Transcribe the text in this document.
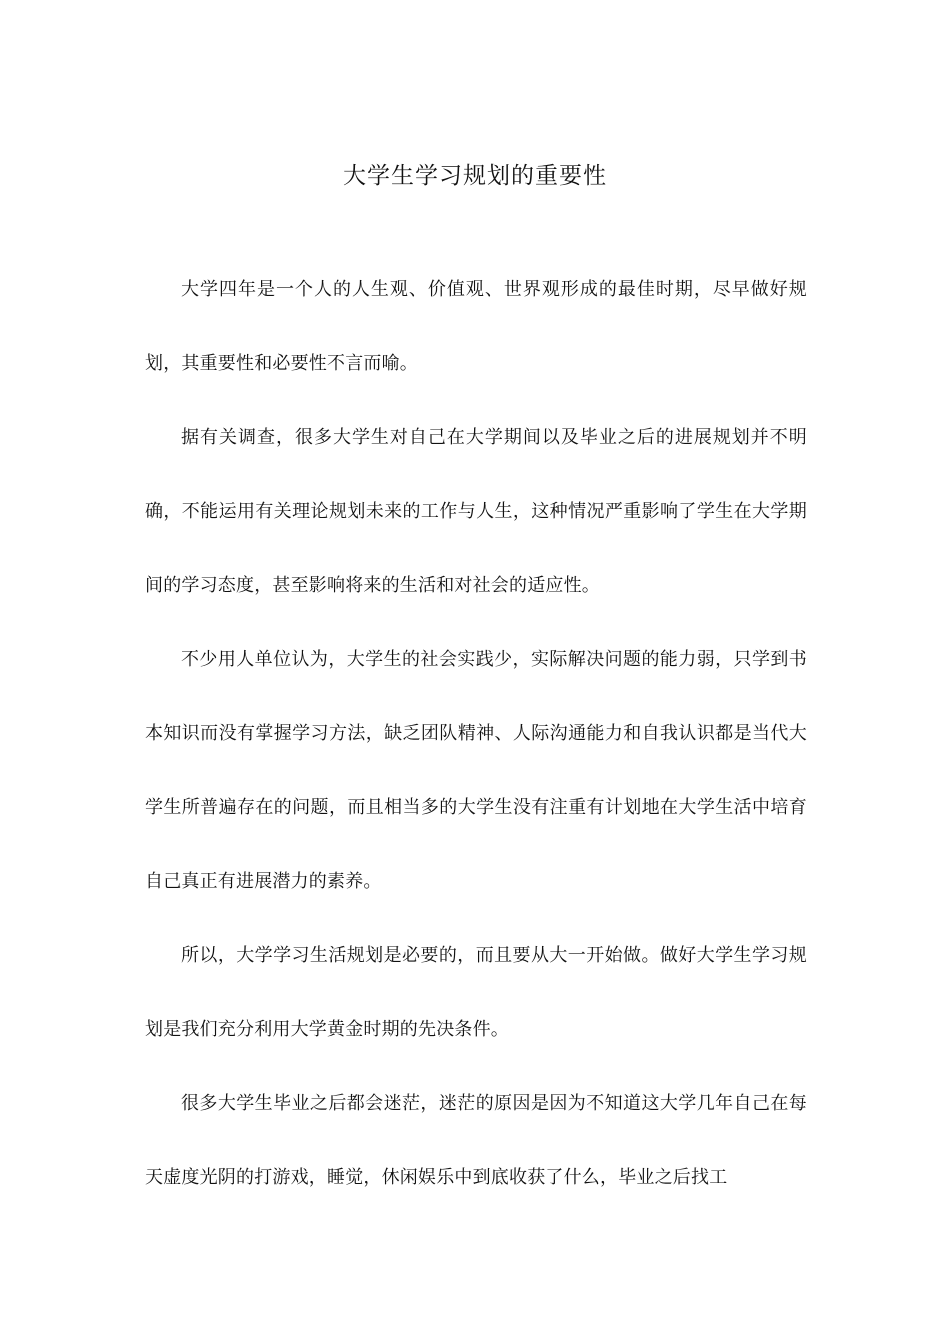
大学生学习规划的重要性

大学四年是一个人的人生观、价值观、世界观形成的最佳时期，尽早做好规划，其重要性和必要性不言而喻。

据有关调查，很多大学生对自己在大学期间以及毕业之后的进展规划并不明确，不能运用有关理论规划未来的工作与人生，这种情况严重影响了学生在大学期间的学习态度，甚至影响将来的生活和对社会的适应性。

不少用人单位认为，大学生的社会实践少，实际解决问题的能力弱，只学到书本知识而没有掌握学习方法，缺乏团队精神、人际沟通能力和自我认识都是当代大学生所普遍存在的问题，而且相当多的大学生没有注重有计划地在大学生活中培育自己真正有进展潜力的素养。

所以，大学学习生活规划是必要的，而且要从大一开始做。做好大学生学习规划是我们充分利用大学黄金时期的先决条件。

很多大学生毕业之后都会迷茫，迷茫的原因是因为不知道这大学几年自己在每天虚度光阴的打游戏，睡觉，休闲娱乐中到底收获了什么，毕业之后找工
